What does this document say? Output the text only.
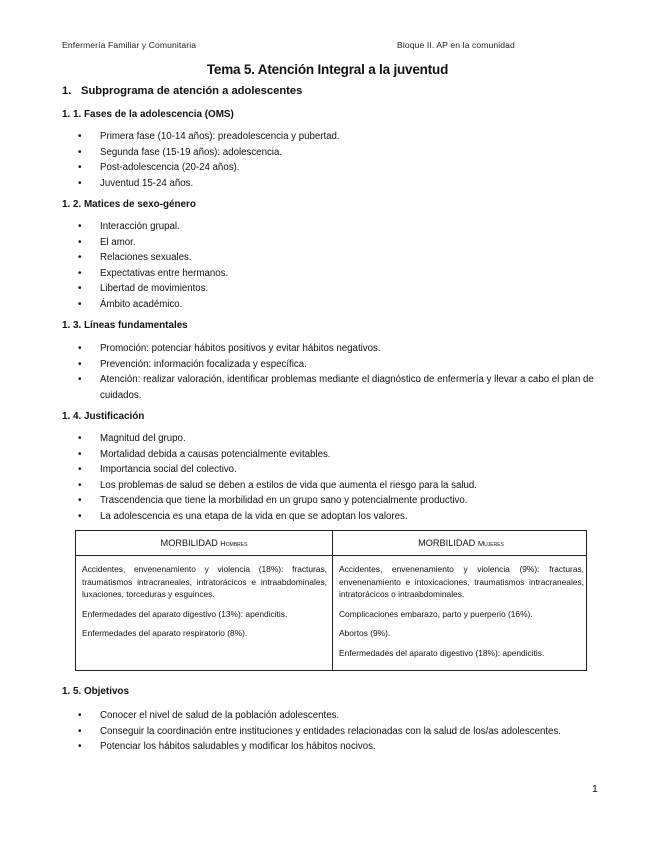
Enfermería Familiar y Comunitaria	Bloque II. AP en la comunidad
Tema 5. Atención Integral a la juventud
1. Subprograma de atención a adolescentes
1. 1. Fases de la adolescencia (OMS)
• Primera fase (10-14 años): preadolescencia y pubertad.
• Segunda fase (15-19 años): adolescencia.
• Post-adolescencia (20-24 años).
• Juventud 15-24 años.
1. 2. Matices de sexo-género
• Interacción grupal.
• El amor.
• Relaciones sexuales.
• Expectativas entre hermanos.
• Libertad de movimientos.
• Ámbito académico.
1. 3. Líneas fundamentales
• Promoción: potenciar hábitos positivos y evitar hábitos negativos.
• Prevención: información focalizada y específica.
• Atención: realizar valoración, identificar problemas mediante el diagnóstico de enfermería y llevar a cabo el plan de cuidados.
1. 4. Justificación
• Magnitud del grupo.
• Mortalidad debida a causas potencialmente evitables.
• Importancia social del colectivo.
• Los problemas de salud se deben a estilos de vida que aumenta el riesgo para la salud.
• Trascendencia que tiene la morbilidad en un grupo sano y potencialmente productivo.
• La adolescencia es una etapa de la vida en que se adoptan los valores.
MORBILIDAD Hombres

Accidentes, envenenamiento y violencia (18%): fracturas, traumatismos intracraneales, intratorácicos e intraabdominales, luxaciones, torceduras y esguinces.

Enfermedades del aparato digestivo (13%): apendicitis.

Enfermedades del aparato respiratorio (8%).

MORBILIDAD Mujeres

Accidentes, envenenamiento y violencia (9%): fracturas, envenenamiento e intoxicaciones, traumatismos intracraneales, intratorácicos o intraabdominales.

Complicaciones embarazo, parto y puerperio (16%).

Abortos (9%).

Enfermedades del aparato digestivo (18%): apendicitis.

1. 5. Objetivos
• Conocer el nivel de salud de la población adolescentes.
• Conseguir la coordinación entre instituciones y entidades relacionadas con la salud de los/as adolescentes.
• Potenciar los hábitos saludables y modificar los hábitos nocivos.
1
